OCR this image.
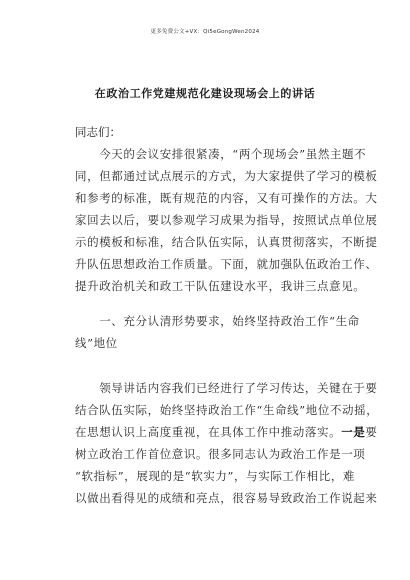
更多免费公文+VX：Qi5eGongWen2024
在政治工作党建规范化建设现场会上的讲话
同志们：
　　今天的会议安排很紧凑，“两个现场会”虽然主题不
同，但都通过试点展示的方式，为大家提供了学习的模板
和参考的标准，既有规范的内容，又有可操作的方法。大
家回去以后，要以参观学习成果为指导，按照试点单位展
示的模板和标准，结合队伍实际，认真贯彻落实，不断提
升队伍思想政治工作质量。下面，就加强队伍政治工作、
提升政治机关和政工干队伍建设水平，我讲三点意见。
　　一、充分认清形势要求，始终坚持政治工作“生命
线”地位
　　领导讲话内容我们已经进行了学习传达，关键在于要
结合队伍实际，始终坚持政治工作“生命线”地位不动摇，
在思想认识上高度重视，在具体工作中推动落实。一是要
树立政治工作首位意识。很多同志认为政治工作是一项
“软指标”，展现的是“软实力”，与实际工作相比，难
以做出看得见的成绩和亮点，很容易导致政治工作说起来
